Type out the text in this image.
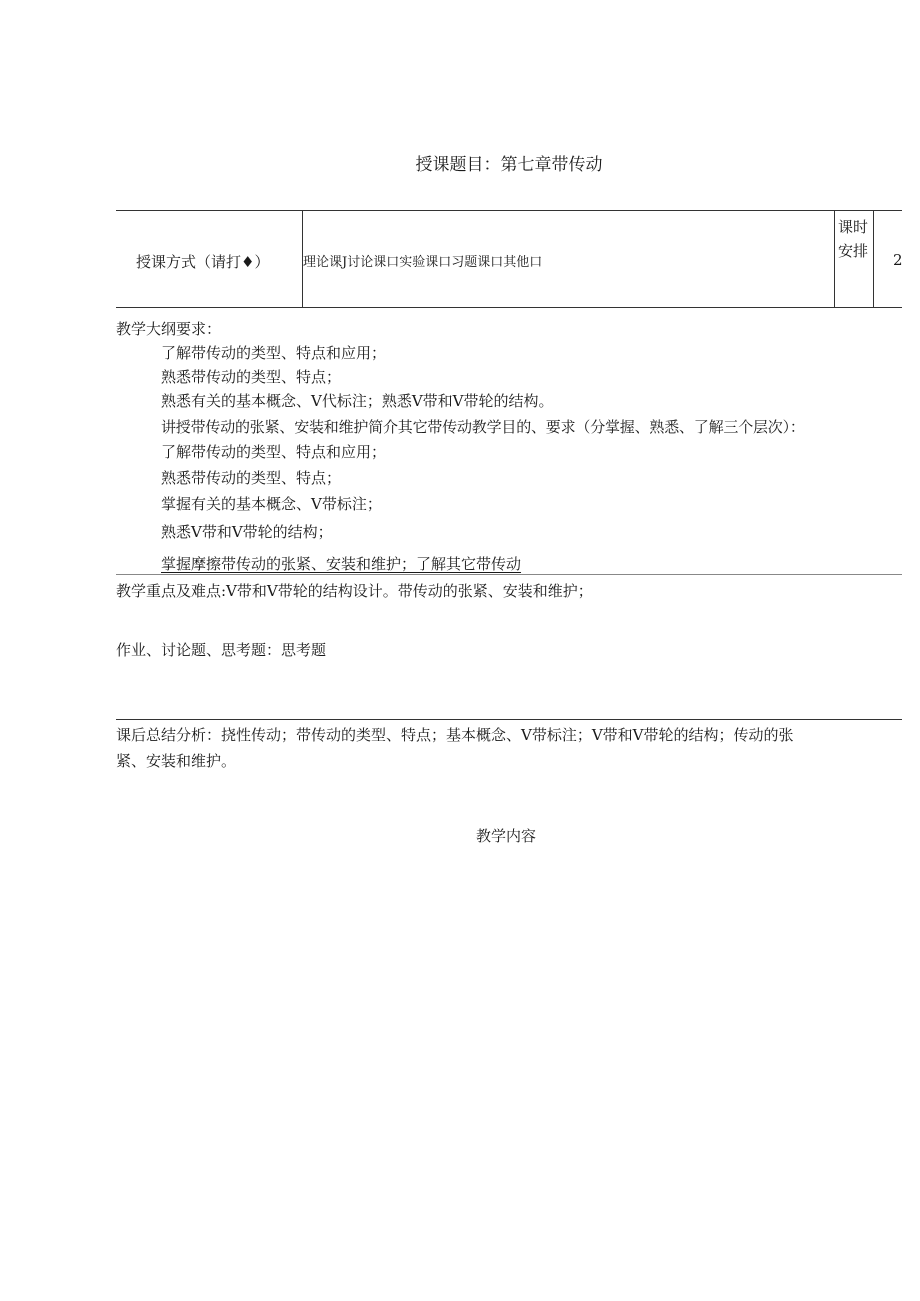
授课题目：第七章带传动
授课方式（请打♦）	理论课J讨论课口实验课口习题课口其他口
课时
安排 2
教学大纲要求：
了解带传动的类型、特点和应用；
熟悉带传动的类型、特点；
熟悉有关的基本概念、V代标注；熟悉V带和V带轮的结构。
讲授带传动的张紧、安装和维护简介其它带传动教学目的、要求（分掌握、熟悉、了解三个层次）：
了解带传动的类型、特点和应用；
熟悉带传动的类型、特点；
掌握有关的基本概念、V带标注；
熟悉V带和V带轮的结构；
掌握摩擦带传动的张紧、安装和维护；了解其它带传动
教学重点及难点:V带和V带轮的结构设计。带传动的张紧、安装和维护；
作业、讨论题、思考题：思考题
课后总结分析：挠性传动；带传动的类型、特点；基本概念、V带标注；V带和V带轮的结构；传动的张
紧、安装和维护。
教学内容
